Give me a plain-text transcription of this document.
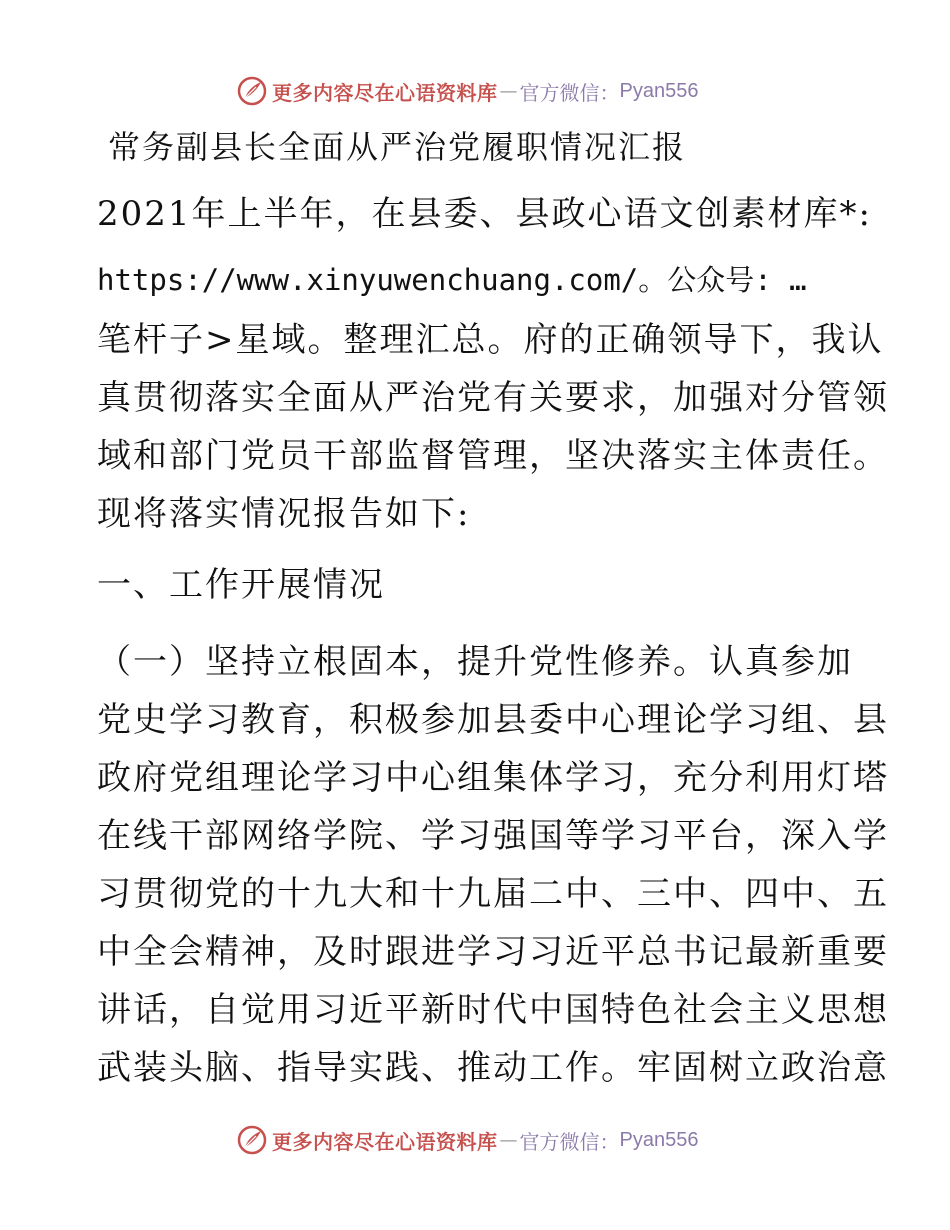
更多内容尽在心语资料库 — 官方微信： Pyan556
常务副县长全面从严治党履职情况汇报
2021年上半年，在县委、县政心语文创素材库*:
https://www.xinyuwenchuang.com/。公众号: …
笔杆子>星域。整理汇总。府的正确领导下，我认
真贯彻落实全面从严治党有关要求，加强对分管领
域和部门党员干部监督管理，坚决落实主体责任。
现将落实情况报告如下:
一、工作开展情况
（一）坚持立根固本，提升党性修养。认真参加
党史学习教育，积极参加县委中心理论学习组、县
政府党组理论学习中心组集体学习，充分利用灯塔
在线干部网络学院、学习强国等学习平台，深入学
习贯彻党的十九大和十九届二中、三中、四中、五
中全会精神，及时跟进学习习近平总书记最新重要
讲话，自觉用习近平新时代中国特色社会主义思想
武装头脑、指导实践、推动工作。牢固树立政治意
更多内容尽在心语资料库 — 官方微信： Pyan556
